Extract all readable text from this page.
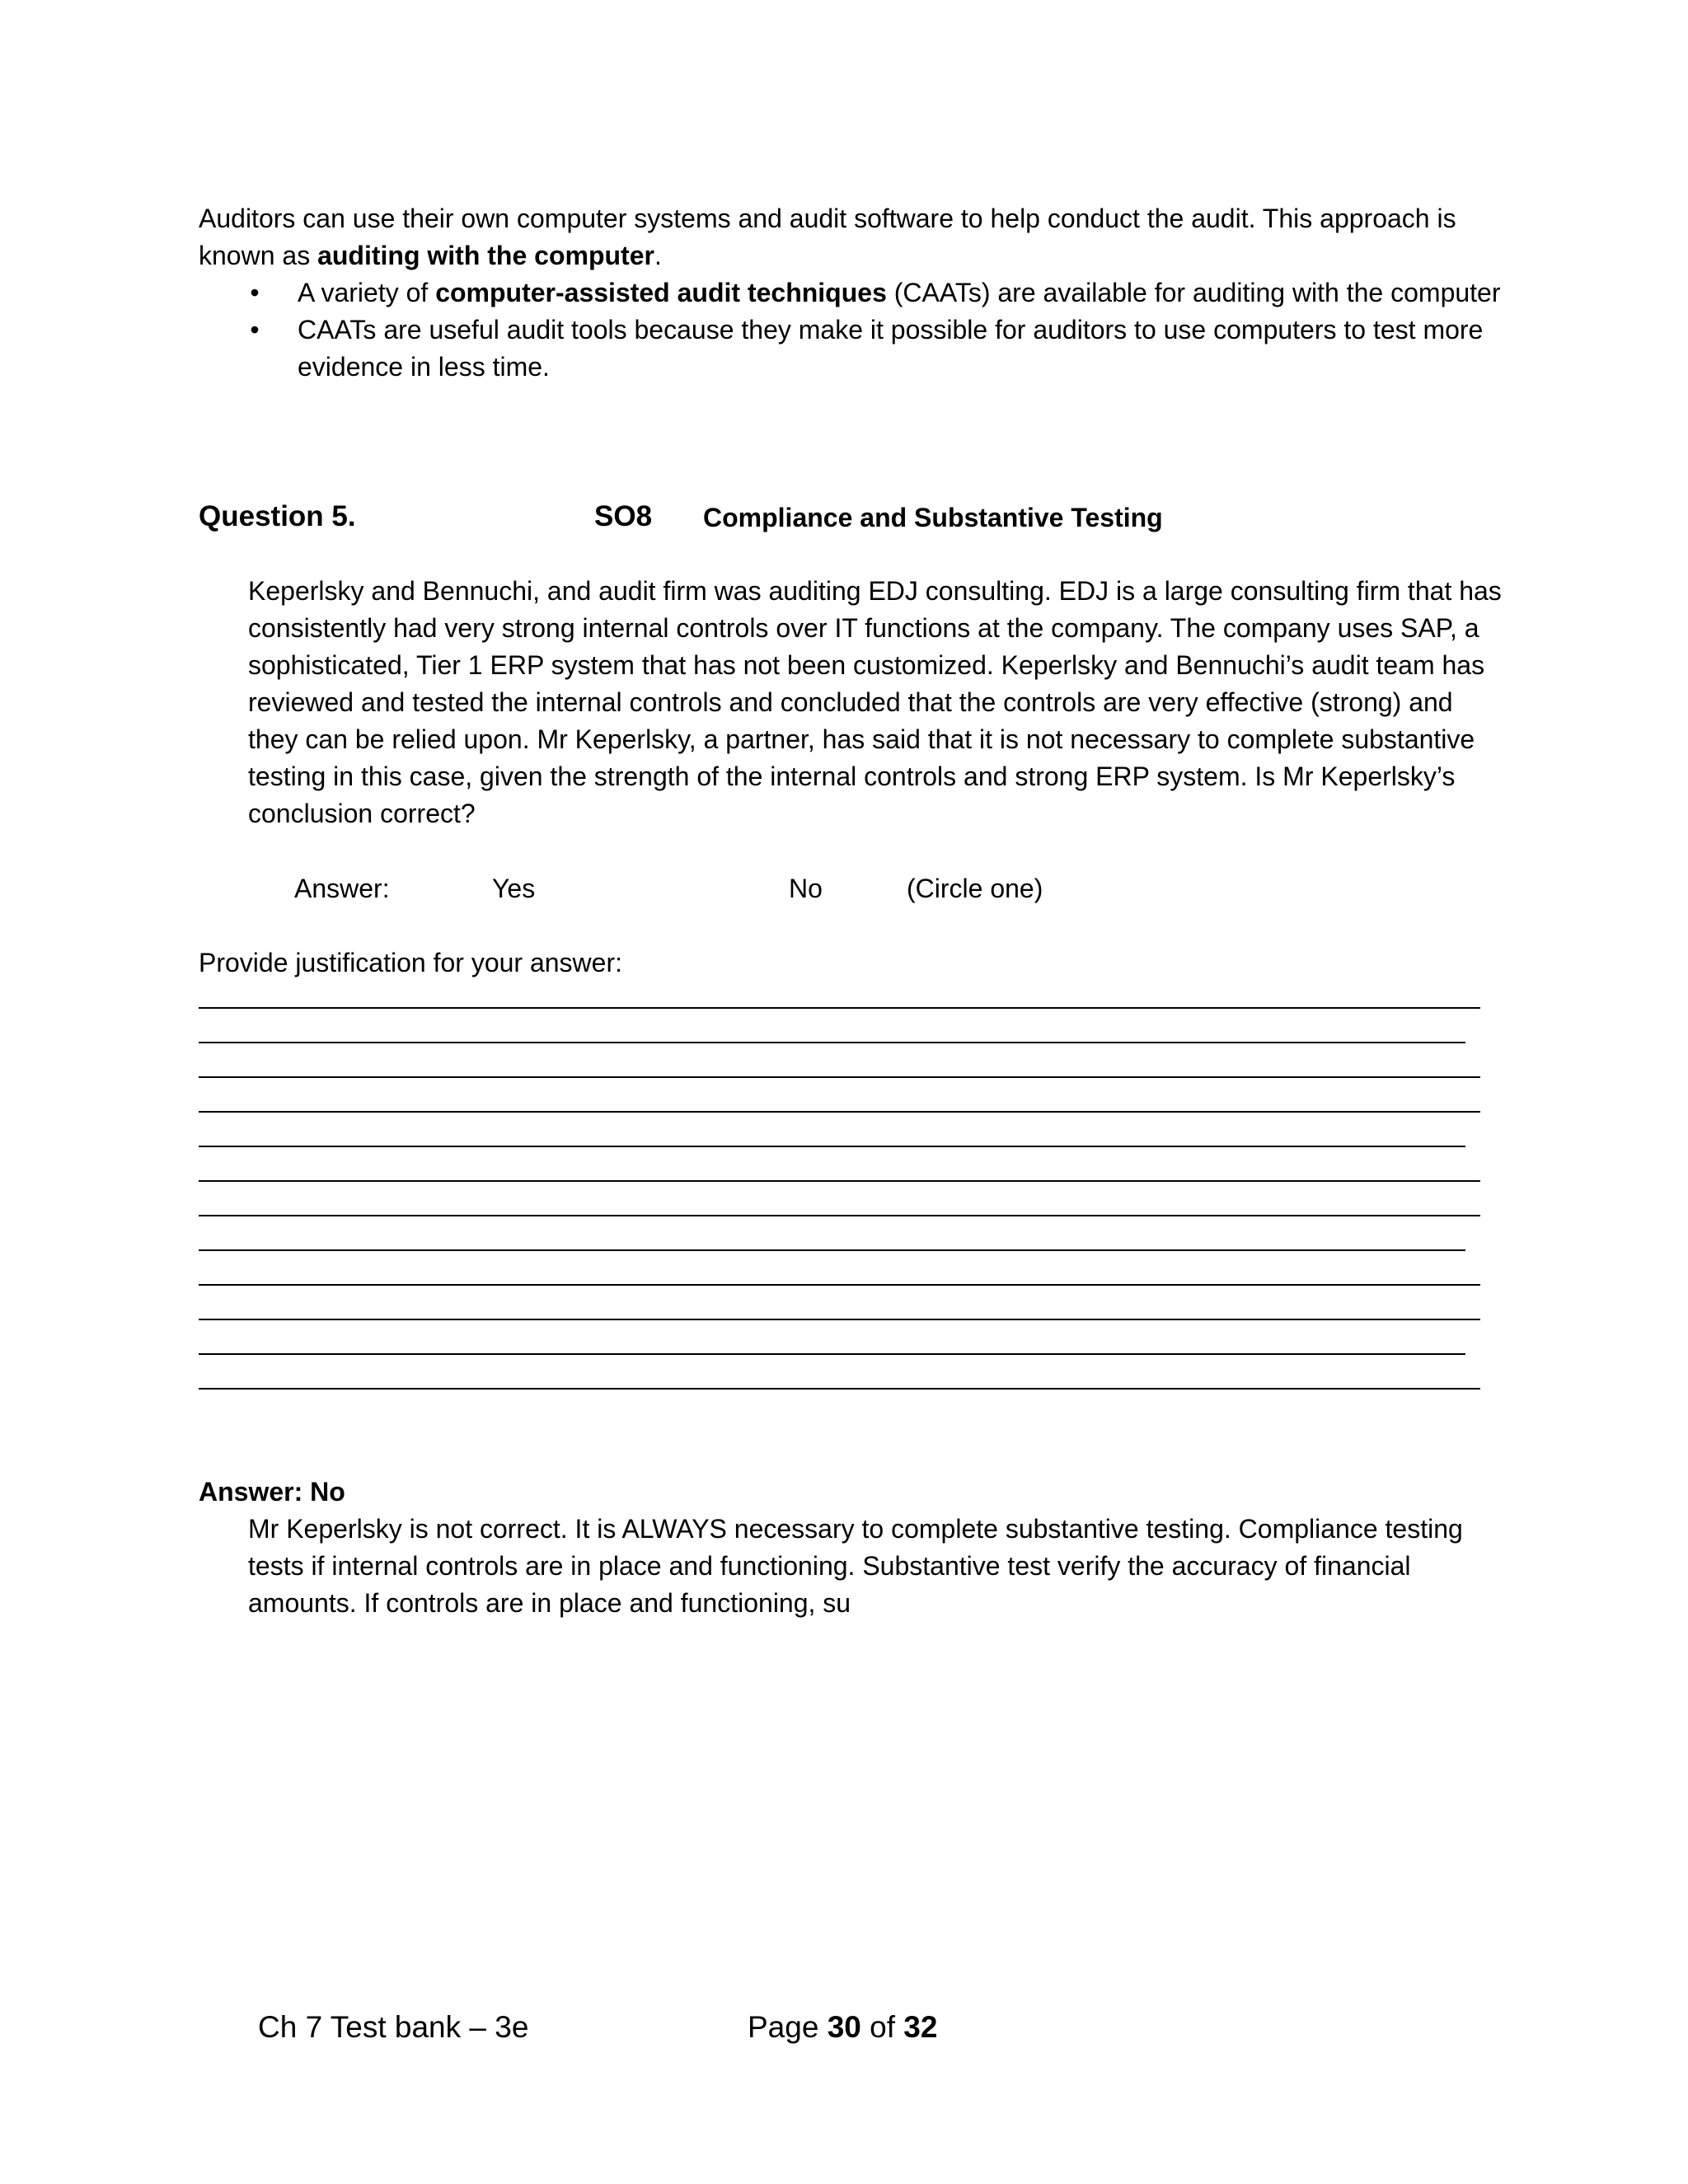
Auditors can use their own computer systems and audit software to help conduct the audit. This approach is known as auditing with the computer.
• A variety of computer-assisted audit techniques (CAATs) are available for auditing with the computer
• CAATs are useful audit tools because they make it possible for auditors to use computers to test more evidence in less time.
Question 5.	SO8 Compliance and Substantive Testing
Keperlsky and Bennuchi, and audit firm was auditing EDJ consulting. EDJ is a large consulting firm that has consistently had very strong internal controls over IT functions at the company. The company uses SAP, a sophisticated, Tier 1 ERP system that has not been customized. Keperlsky and Bennuchi’s audit team has reviewed and tested the internal controls and concluded that the controls are very effective (strong) and they can be relied upon. Mr Keperlsky, a partner, has said that it is not necessary to complete substantive testing in this case, given the strength of the internal controls and strong ERP system. Is Mr Keperlsky’s conclusion correct?
Answer:	Yes	No	(Circle one)
Provide justification for your answer:
Answer: No
Mr Keperlsky is not correct. It is ALWAYS necessary to complete substantive testing. Compliance testing tests if internal controls are in place and functioning. Substantive test verify the accuracy of financial amounts. If controls are in place and functioning, su
Ch 7 Test bank – 3e	Page 30 of 32
